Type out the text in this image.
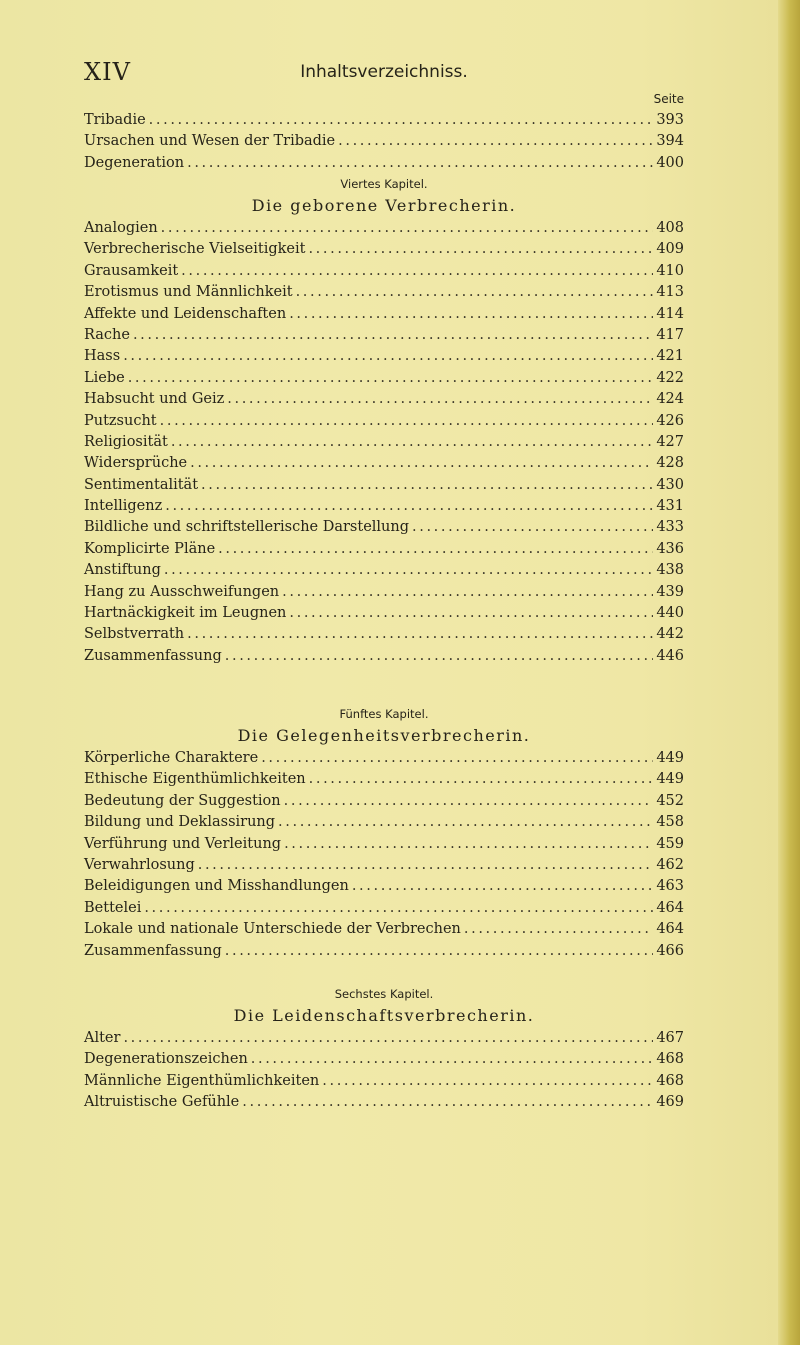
XIV	Inhaltsverzeichniss.
Seite
Tribadie . . .	393
Ursachen und Wesen der Tribadie . . .	394
Degeneration . . .	400
Viertes Kapitel.
Die geborene Verbrecherin.
Analogien . . .	408
Verbrecherische Vielseitigkeit . . .	409
Grausamkeit . . .	410
Erotismus und Männlichkeit . . .	413
Affekte und Leidenschaften . . .	414
Rache . . .	417
Hass . . .	421
Liebe . . .	422
Habsucht und Geiz . . .	424
Putzsucht . . .	426
Religiosität . . .	427
Widersprüche . . .	428
Sentimentalität . . .	430
Intelligenz . . .	431
Bildliche und schriftstellerische Darstellung . . .	433
Komplicirte Pläne . . .	436
Anstiftung . . .	438
Hang zu Ausschweifungen . . .	439
Hartnäckigkeit im Leugnen . . .	440
Selbstverrath . . .	442
Zusammenfassung . . .	446
Fünftes Kapitel.
Die Gelegenheitsverbrecherin.
Körperliche Charaktere . . .	449
Ethische Eigenthümlichkeiten . . .	449
Bedeutung der Suggestion . . .	452
Bildung und Deklassirung . . .	458
Verführung und Verleitung . . .	459
Verwahrlosung . . .	462
Beleidigungen und Misshandlungen . . .	463
Bettelei . . .	464
Lokale und nationale Unterschiede der Verbrechen . . .	464
Zusammenfassung . . .	466
Sechstes Kapitel.
Die Leidenschaftsverbrecherin.
Alter . . .	467
Degenerationszeichen . . .	468
Männliche Eigenthümlichkeiten . . .	468
Altruistische Gefühle . . .	469
